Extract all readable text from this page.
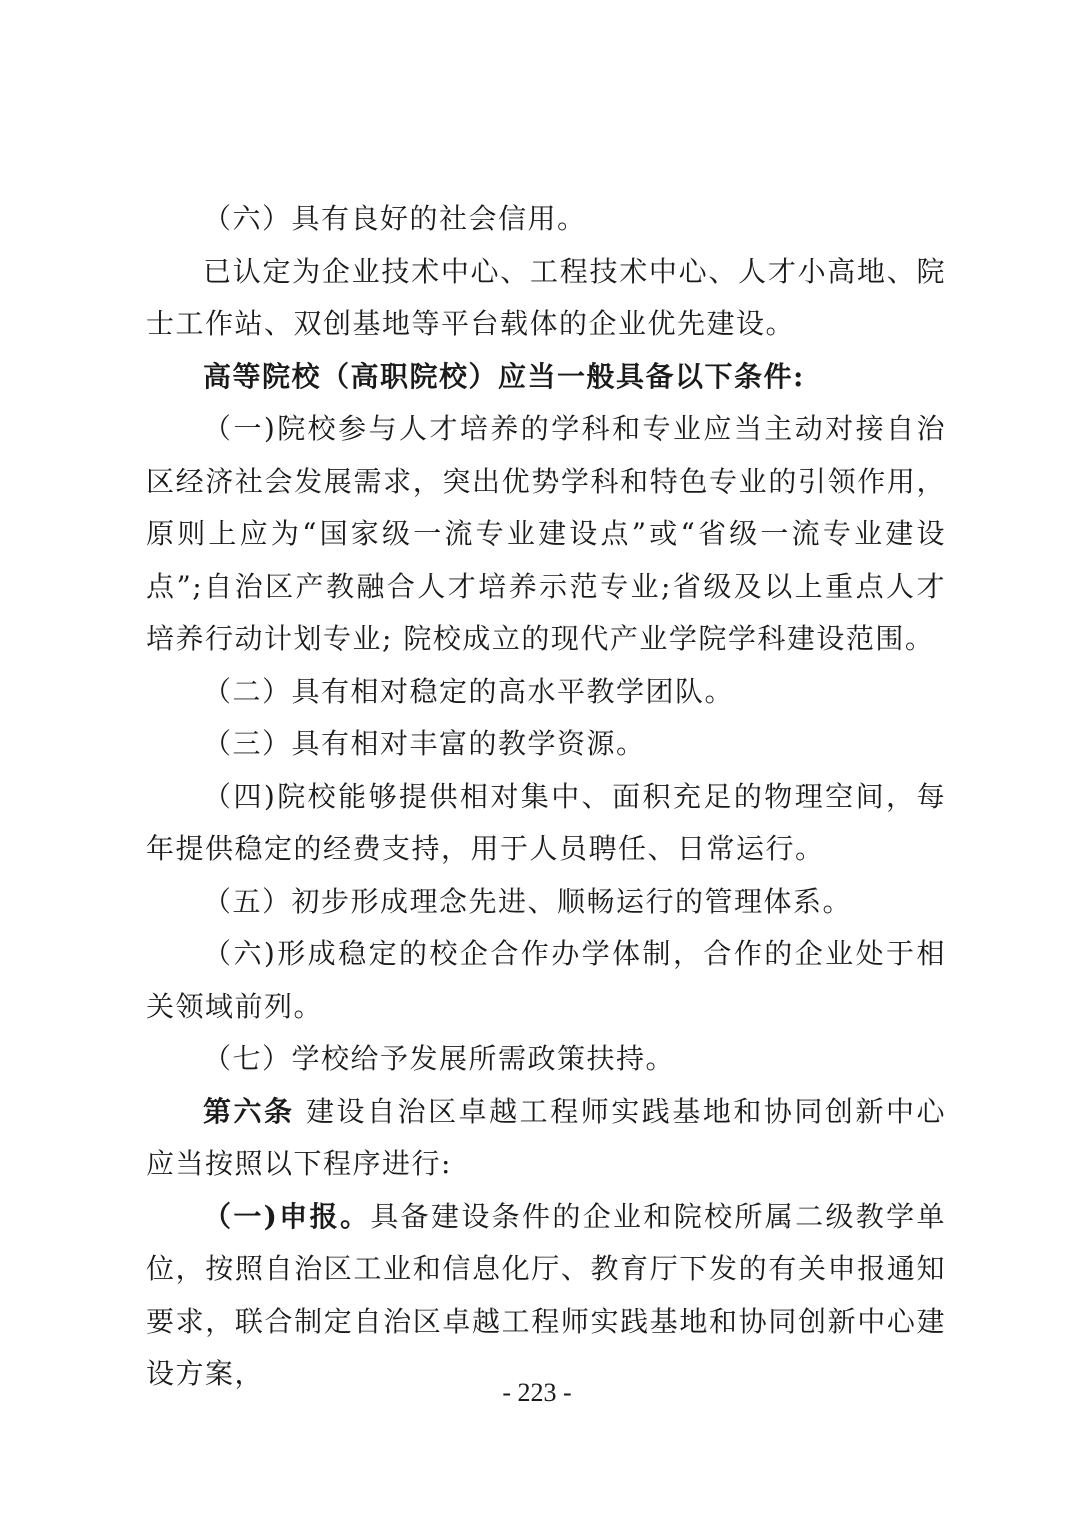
（六）具有良好的社会信用。

已认定为企业技术中心、工程技术中心、人才小高地、院士工作站、双创基地等平台载体的企业优先建设。

高等院校（高职院校）应当一般具备以下条件:

（一)院校参与人才培养的学科和专业应当主动对接自治区经济社会发展需求，突出优势学科和特色专业的引领作用，原则上应为“国家级一流专业建设点”或“省级一流专业建设点”;自治区产教融合人才培养示范专业;省级及以上重点人才培养行动计划专业; 院校成立的现代产业学院学科建设范围。

（二）具有相对稳定的高水平教学团队。

（三）具有相对丰富的教学资源。

（四)院校能够提供相对集中、面积充足的物理空间，每年提供稳定的经费支持，用于人员聘任、日常运行。

（五）初步形成理念先进、顺畅运行的管理体系。

（六)形成稳定的校企合作办学体制，合作的企业处于相关领域前列。

（七）学校给予发展所需政策扶持。

第六条 建设自治区卓越工程师实践基地和协同创新中心应当按照以下程序进行:

（一)申报。具备建设条件的企业和院校所属二级教学单位，按照自治区工业和信息化厅、教育厅下发的有关申报通知要求，联合制定自治区卓越工程师实践基地和协同创新中心建设方案，

- 223 -
